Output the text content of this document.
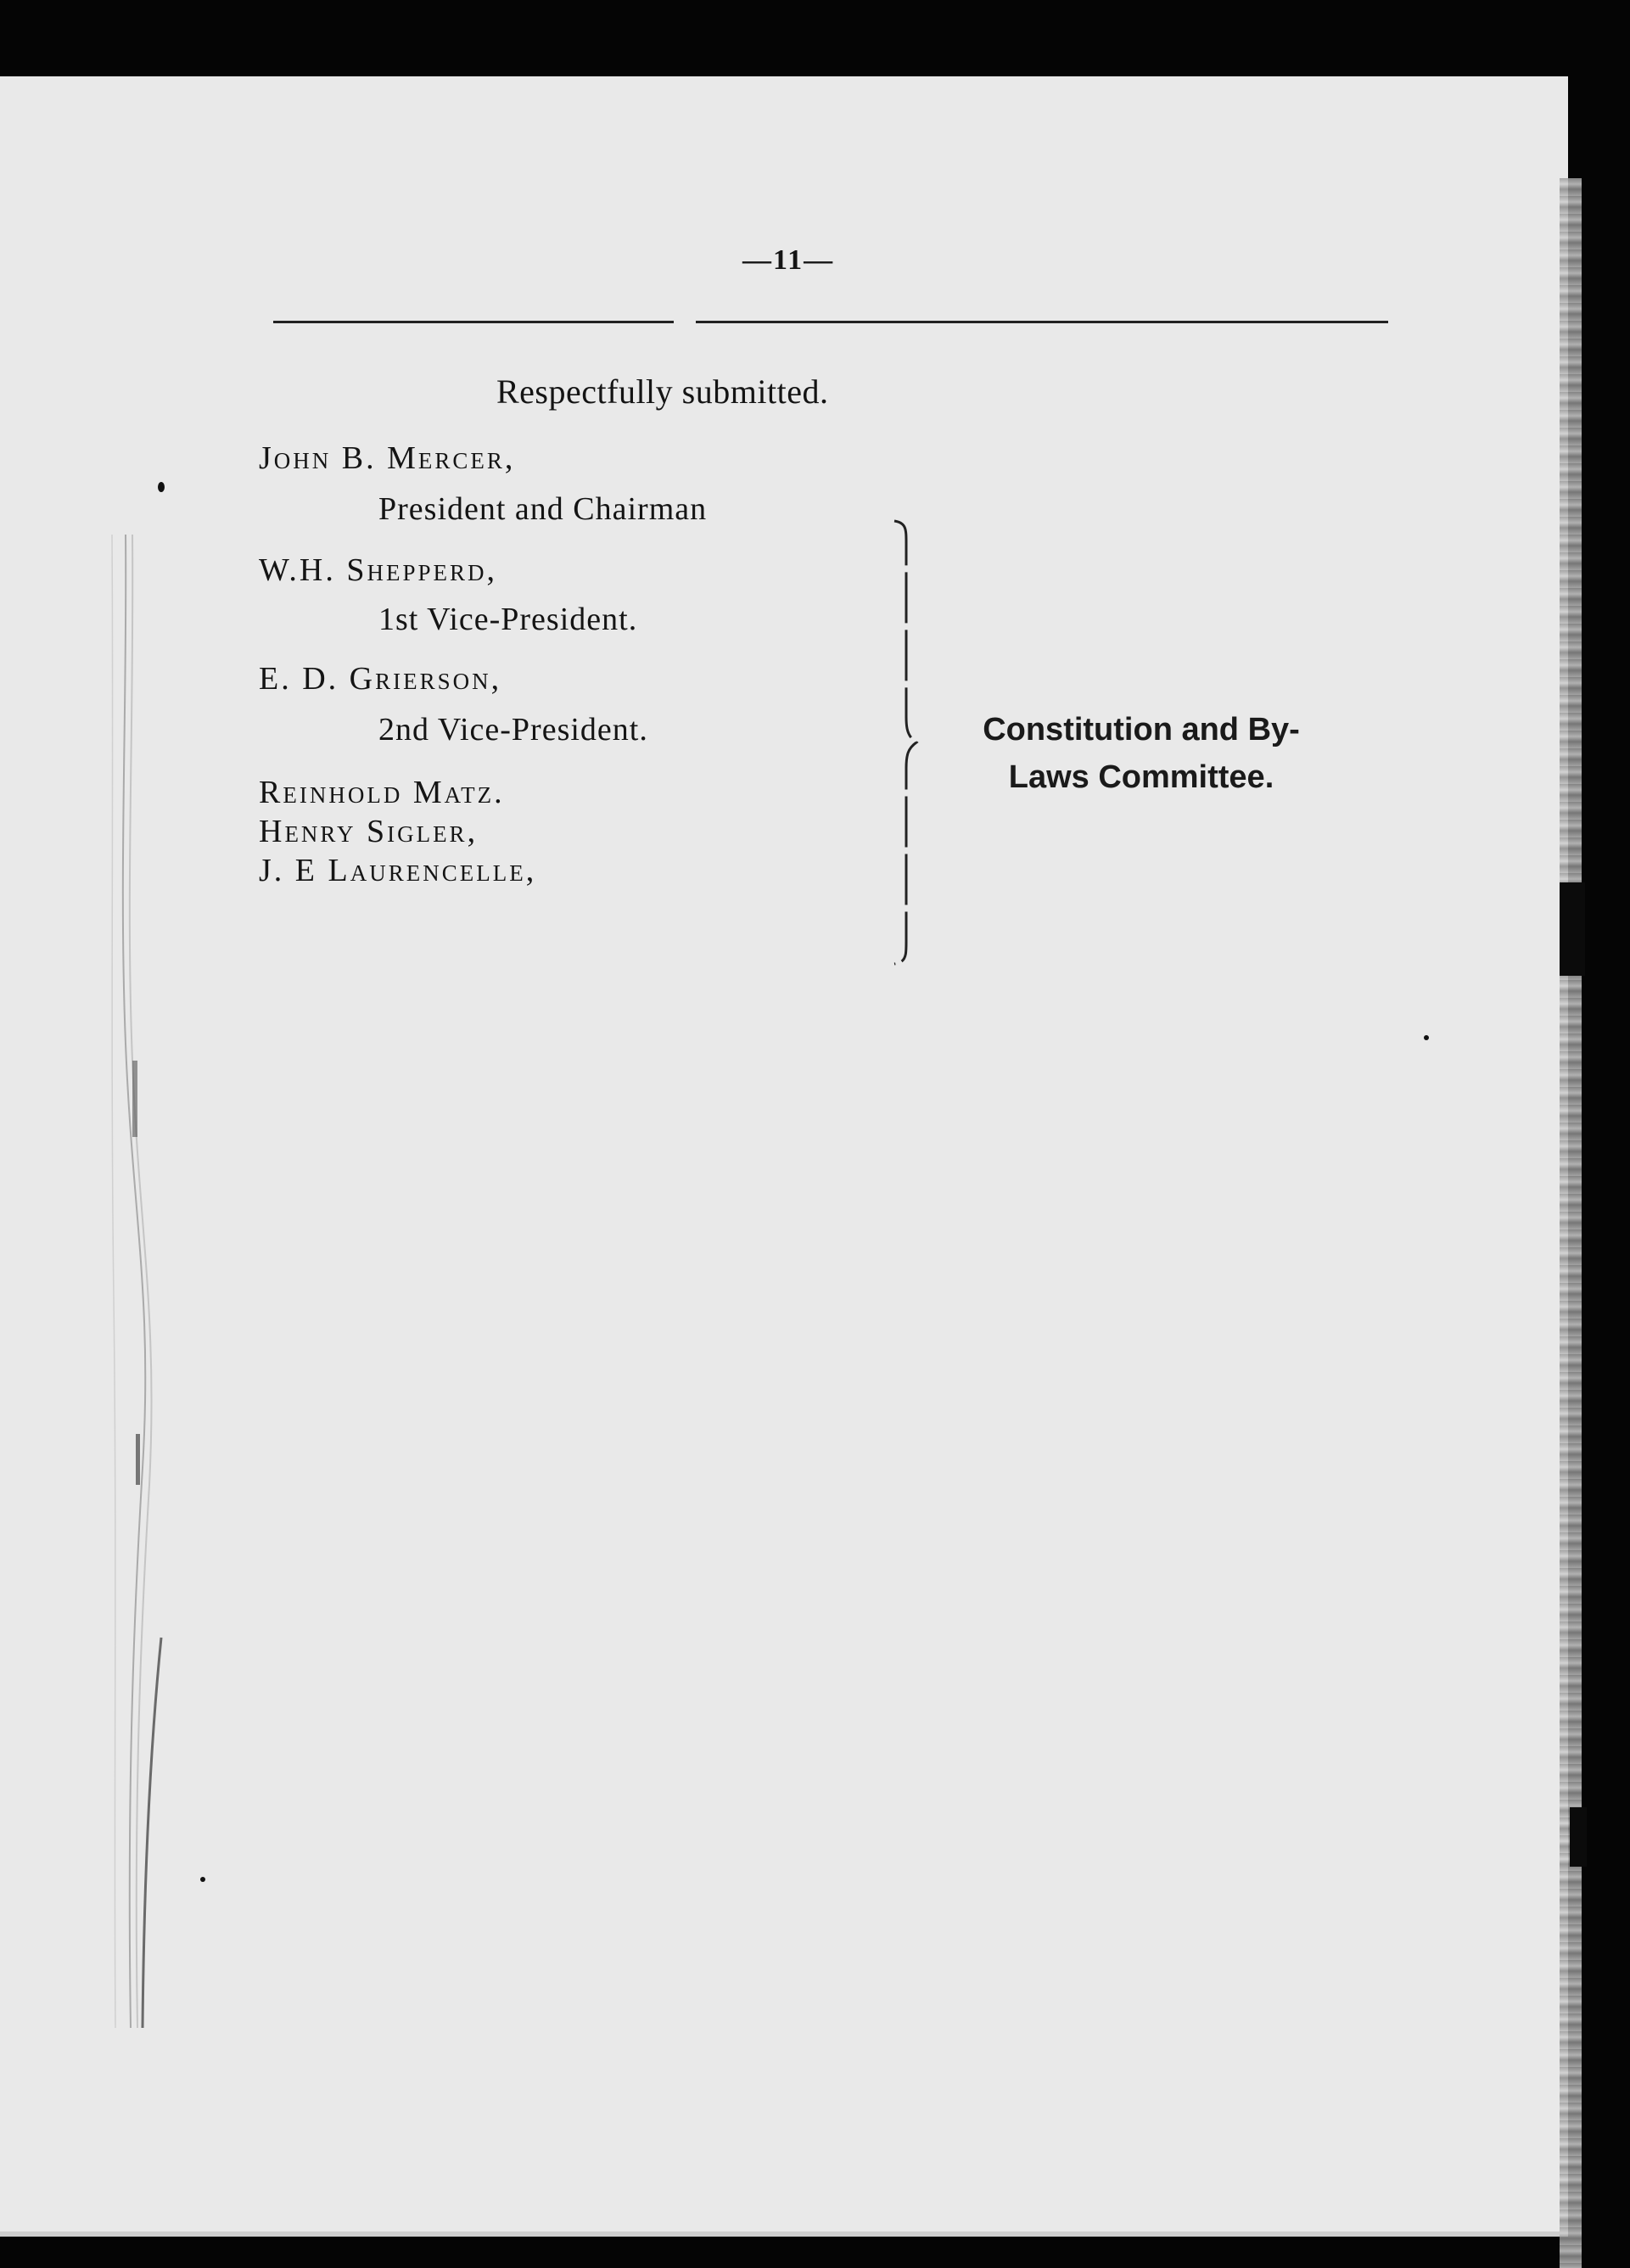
—11—
Respectfully submitted.
John B. Mercer,
President and Chairman
W.H. Shepperd,
1st Vice-President.
E. D. Grierson,
2nd Vice-President.
Reinhold Matz.
Henry Sigler,
J. E Laurencelle,
Constitution and By-
Laws Committee.
